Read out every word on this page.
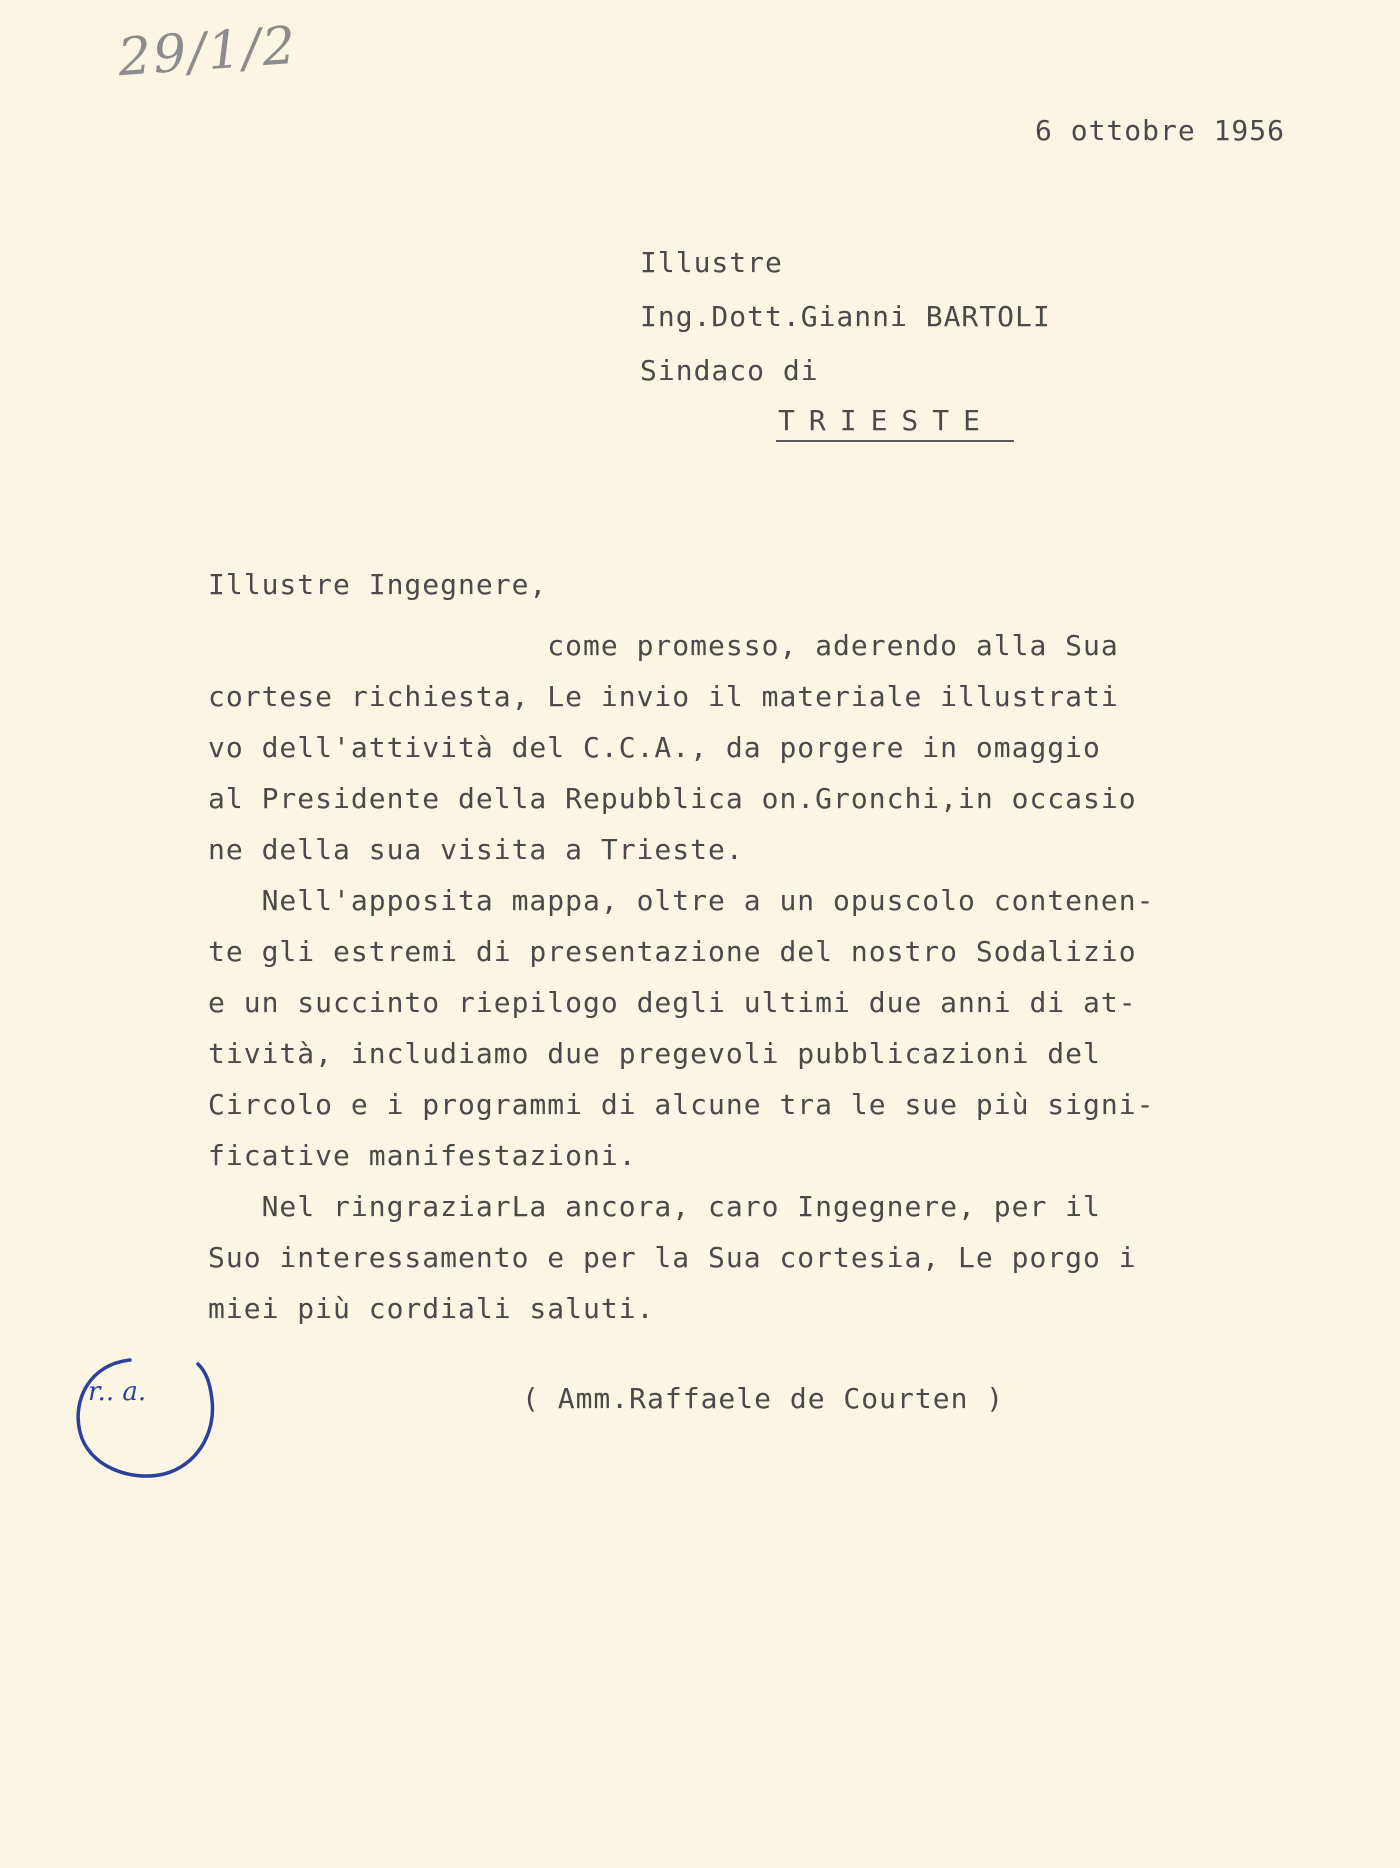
29/1/2
6 ottobre 1956
Illustre
Ing.Dott.Gianni BARTOLI
Sindaco di
TRIESTE
Illustre Ingegnere,
come promesso, aderendo alla Sua
cortese richiesta, Le invio il materiale illustrati
vo dell'attività del C.C.A., da porgere in omaggio
al Presidente della Repubblica on.Gronchi,in occasio
ne della sua visita a Trieste.
Nell'apposita mappa, oltre a un opuscolo contenen-
te gli estremi di presentazione del nostro Sodalizio
e un succinto riepilogo degli ultimi due anni di at-
tività, includiamo due pregevoli pubblicazioni del
Circolo e i programmi di alcune tra le sue più signi-
ficative manifestazioni.
Nel ringraziarLa ancora, caro Ingegnere, per il
Suo interessamento e per la Sua cortesia, Le porgo i
miei più cordiali saluti.
r.. a.	( Amm.Raffaele de Courten )
